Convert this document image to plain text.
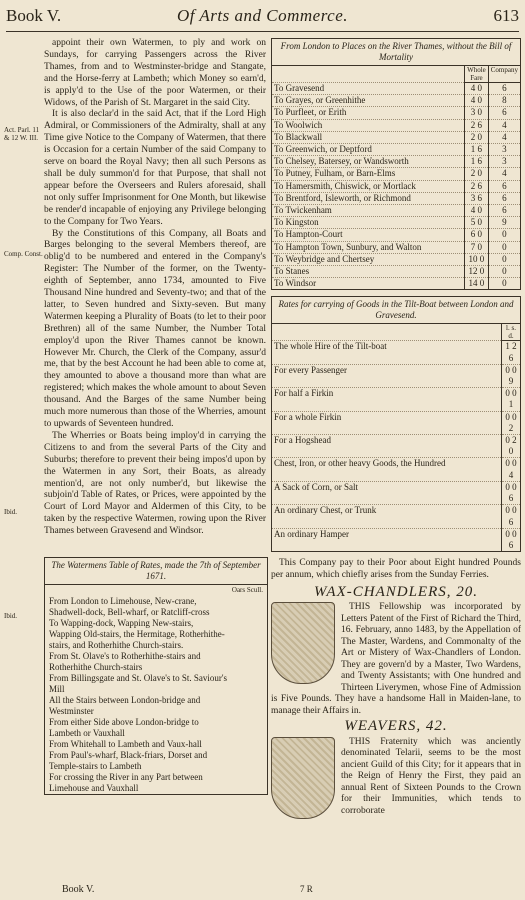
Book V.	Of Arts and Commerce.	613
Act. Parl. 11 & 12 W. III.
Comp. Const.
Ibid.
Ibid.

appoint their own Watermen, to ply and work on Sundays, for carrying Passengers across the River Thames, from and to Westminster-bridge and Stangate, and the Horse-ferry at Lambeth; which Money so earn'd, is apply'd to the Use of the poor Watermen, or their Widows, of the Parish of St. Margaret in the said City.

It is also declar'd in the said Act, that if the Lord High Admiral, or Commissioners of the Admiralty, shall at any Time give Notice to the Company of Watermen, that there is Occasion for a certain Number of the said Company to serve on board the Royal Navy; then all such Persons as shall be duly summon'd for that Purpose, that shall not appear before the Overseers and Rulers aforesaid, shall not only suffer Imprisonment for One Month, but likewise be render'd incapable of enjoying any Privilege belonging to the Company for Two Years.

By the Constitutions of this Company, all Boats and Barges belonging to the several Members thereof, are oblig'd to be numbered and entered in the Company's Register: The Number of the former, on the Twenty-eighth of September, anno 1734, amounted to Five Thousand Nine hundred and Seventy-two; and that of the latter, to Seven hundred and Sixty-seven. But many Watermen keeping a Plurality of Boats (to let to their poor Brethren) all of the same Number, the Number Total employ'd upon the River Thames cannot be known. However Mr. Church, the Clerk of the Company, assur'd me, that by the best Account he had been able to come at, they amounted to above a thousand more than what are registered; which makes the whole amount to about Seven thousand. And the Barges of the same Number being much more numerous than those of the Wherries, amount to upwards of Seventeen hundred.

The Wherries or Boats being imploy'd in carrying the Citizens to and from the several Parts of the City and Suburbs; therefore to prevent their being impos'd upon by the Watermen in any Sort, their Boats, as already mention'd, are not only number'd, but likewise the subjoin'd Table of Rates, or Prices, were appointed by the Court of Lord Mayor and Aldermen of this City, to be taken by the respective Watermen, rowing upon the River Thames between Gravesend and Windsor.

The Watermens Table of Rates, made the 7th of September 1671.
Oars Scull.
From London to Limehouse, New-crane, Shadwell-dock, Bell-wharf, or Ratcliff-cross
To Wapping-dock, Wapping New-stairs, Wapping Old-stairs, the Hermitage, Rotherhithe-stairs, and Rotherhithe Church-stairs.
From St. Olave's to Rotherhithe-stairs and Rotherhithe Church-stairs
From Billingsgate and St. Olave's to St. Saviour's Mill
All the Stairs between London-bridge and Westminster
From either Side above London-bridge to Lambeth or Vauxhall
From Whitehall to Lambeth and Vaux-hall
From Paul's-wharf, Black-friars, Dorset and Temple-stairs to Lambeth
For crossing the River in any Part between Limehouse and Vauxhall
From London to Places on the River Thames, without the Bill of Mortality
	Whole Fare	Company
To Gravesend	4 0	6
To Grayes, or Greenhithe	4 0	8
To Purfleet, or Erith	3 0	6
To Woolwich	2 6	4
To Blackwall	2 0	4
To Greenwich, or Deptford	1 6	3
To Chelsey, Batersey, or Wandsworth	1 6	3
To Putney, Fulham, or Barn-Elms	2 0	4
To Hamersmith, Chiswick, or Mortlack	2 6	6
To Brentford, Isleworth, or Richmond	3 6	6
To Twickenham	4 0	6
To Kingston	5 0	9
To Hampton-Court	6 0	0
To Hampton Town, Sunbury, and Walton	7 0	0
To Weybridge and Chertsey	10 0	0
To Stanes	12 0	0
To Windsor	14 0	0
Rates for carrying of Goods in the Tilt-Boat between London and Gravesend.
	l. s. d.
The whole Hire of the Tilt-boat	1 2 6
For every Passenger	0 0 9
For half a Firkin	0 0 1
For a whole Firkin	0 0 2
For a Hogshead	0 2 0
Chest, Iron, or other heavy Goods, the Hundred	0 0 4
A Sack of Corn, or Salt	0 0 6
An ordinary Chest, or Trunk	0 0 6
An ordinary Hamper	0 0 6
This Company pay to their Poor about Eight hundred Pounds per annum, which chiefly arises from the Sunday Ferries.
WAX-CHANDLERS, 20.
THIS Fellowship was incorporated by Letters Patent of the First of Richard the Third, 16. February, anno 1483, by the Appellation of The Master, Wardens, and Commonalty of the Art or Mistery of Wax-Chandlers of London. They are govern'd by a Master, Two Wardens, and Twenty Assistants; with One hundred and Thirteen Liverymen, whose Fine of Admission is Five Pounds. They have a handsome Hall in Maiden-lane, to manage their Affairs in.
WEAVERS, 42.
THIS Fraternity which was anciently denominated Telarii, seems to be the most ancient Guild of this City; for it appears that in the Reign of Henry the First, they paid an annual Rent of Sixteen Pounds to the Crown for their Immunities, which tends to corroborate
Book V.	7 R
